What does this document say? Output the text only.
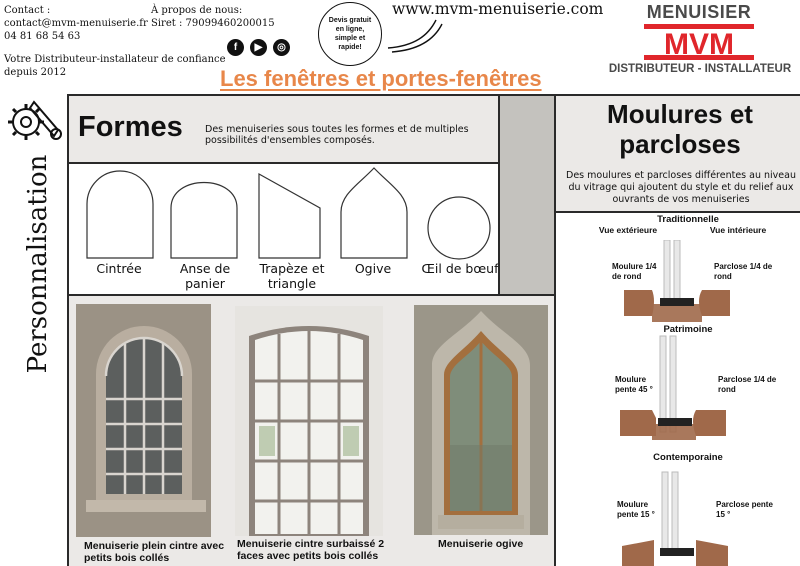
Contact :
contact@mvm-menuiserie.fr
04 81 68 54 63
Votre Distributeur-installateur de confiance depuis 2012
À propos de nous:
Siret : 79099460200015
f	▶	◎
Devis gratuit en ligne, simple et rapide!
www.mvm-menuiserie.com
Les fenêtres et portes-fenêtres
MENUISIER
MVM
DISTRIBUTEUR - INSTALLATEUR
Personnalisation
Formes Des menuiseries sous toutes les formes et de multiples possibilités d'ensembles composés.
Cintrée	Anse de panier
Trapèze et triangle
Ogive	Œil de bœuf
Menuiserie plein cintre avec petits bois collés
Menuiserie cintre surbaissé 2 faces avec petits bois collés
Menuiserie ogive
Moulures et parcloses
Des moulures et parcloses différentes au niveau du vitrage qui ajoutent du style et du relief aux ouvrants de vos menuiseries
Traditionnelle
Vue extérieure	Vue intérieure
Moulure 1/4 de rond
Parclose 1/4 de rond
Patrimoine
Moulure pente 45 °
Parclose 1/4 de rond
Contemporaine
Moulure pente 15 °
Parclose pente 15 °
